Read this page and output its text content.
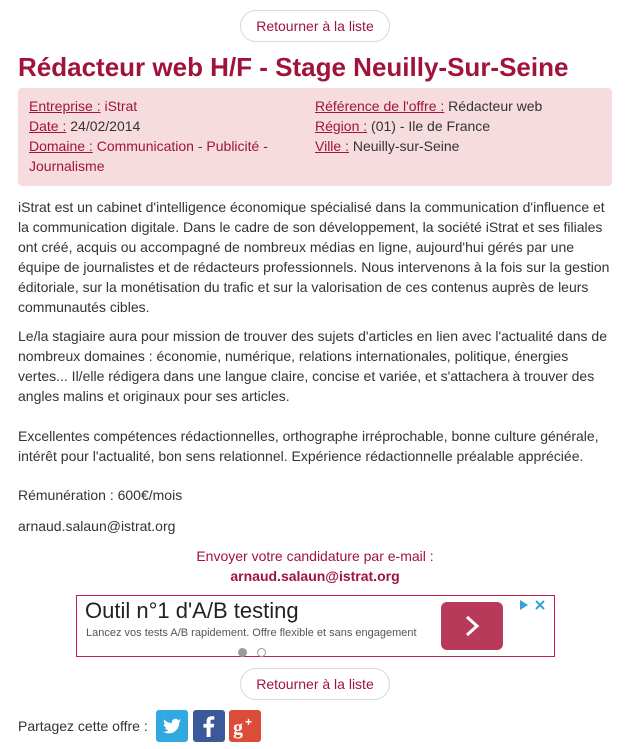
Retourner à la liste
Rédacteur web H/F - Stage Neuilly-Sur-Seine
Entreprise : iStrat
Date : 24/02/2014
Domaine : Communication - Publicité - Journalisme
Référence de l'offre : Rédacteur web
Région : (01) - Ile de France
Ville : Neuilly-sur-Seine

iStrat est un cabinet d'intelligence économique spécialisé dans la communication d'influence et la communication digitale. Dans le cadre de son développement, la société iStrat et ses filiales ont créé, acquis ou accompagné de nombreux médias en ligne, aujourd'hui gérés par une équipe de journalistes et de rédacteurs professionnels. Nous intervenons à la fois sur la gestion éditoriale, sur la monétisation du trafic et sur la valorisation de ces contenus auprès de leurs communautés cibles.

Le/la stagiaire aura pour mission de trouver des sujets d'articles en lien avec l'actualité dans de nombreux domaines : économie, numérique, relations internationales, politique, énergies vertes... Il/elle rédigera dans une langue claire, concise et variée, et s'attachera à trouver des angles malins et originaux pour ses articles.

Excellentes compétences rédactionnelles, orthographe irréprochable, bonne culture générale, intérêt pour l'actualité, bon sens relationnel. Expérience rédactionnelle préalable appréciée.

Rémunération : 600€/mois

arnaud.salaun@istrat.org

Envoyer votre candidature par e-mail :
arnaud.salaun@istrat.org
Outil n°1 d'A/B testing
Lancez vos tests A/B rapidement. Offre flexible et sans engagement
Retourner à la liste
Partagez cette offre :	g +
